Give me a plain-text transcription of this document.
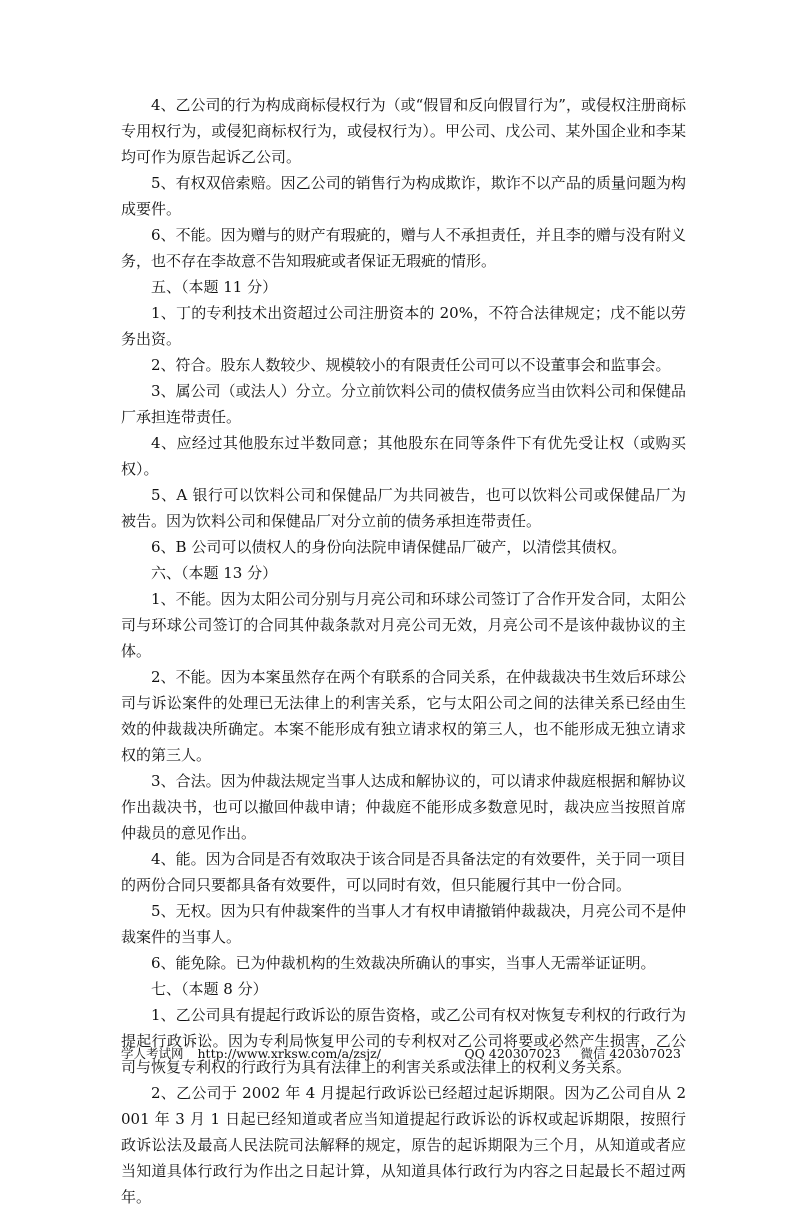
4、乙公司的行为构成商标侵权行为（或“假冒和反向假冒行为”，或侵权注册商标专用权行为，或侵犯商标权行为，或侵权行为）。甲公司、戊公司、某外国企业和李某均可作为原告起诉乙公司。

5、有权双倍索赔。因乙公司的销售行为构成欺诈，欺诈不以产品的质量问题为构成要件。

6、不能。因为赠与的财产有瑕疵的，赠与人不承担责任，并且李的赠与没有附义务，也不存在李故意不告知瑕疵或者保证无瑕疵的情形。

五、（本题 11 分）

1、丁的专利技术出资超过公司注册资本的 20%，不符合法律规定；戊不能以劳务出资。

2、符合。股东人数较少、规模较小的有限责任公司可以不设董事会和监事会。

3、属公司（或法人）分立。分立前饮料公司的债权债务应当由饮料公司和保健品厂承担连带责任。

4、应经过其他股东过半数同意；其他股东在同等条件下有优先受让权（或购买权）。

5、A 银行可以饮料公司和保健品厂为共同被告，也可以饮料公司或保健品厂为被告。因为饮料公司和保健品厂对分立前的债务承担连带责任。

6、B 公司可以债权人的身份向法院申请保健品厂破产，以清偿其债权。

六、（本题 13 分）

1、不能。因为太阳公司分别与月亮公司和环球公司签订了合作开发合同，太阳公司与环球公司签订的合同其仲裁条款对月亮公司无效，月亮公司不是该仲裁协议的主体。

2、不能。因为本案虽然存在两个有联系的合同关系，在仲裁裁决书生效后环球公司与诉讼案件的处理已无法律上的利害关系，它与太阳公司之间的法律关系已经由生效的仲裁裁决所确定。本案不能形成有独立请求权的第三人，也不能形成无独立请求权的第三人。

3、合法。因为仲裁法规定当事人达成和解协议的，可以请求仲裁庭根据和解协议作出裁决书，也可以撤回仲裁申请；仲裁庭不能形成多数意见时，裁决应当按照首席仲裁员的意见作出。

4、能。因为合同是否有效取决于该合同是否具备法定的有效要件，关于同一项目的两份合同只要都具备有效要件，可以同时有效，但只能履行其中一份合同。

5、无权。因为只有仲裁案件的当事人才有权申请撤销仲裁裁决，月亮公司不是仲裁案件的当事人。

6、能免除。已为仲裁机构的生效裁决所确认的事实，当事人无需举证证明。

七、（本题 8 分）

1、乙公司具有提起行政诉讼的原告资格，或乙公司有权对恢复专利权的行政行为提起行政诉讼。因为专利局恢复甲公司的专利权对乙公司将要或必然产生损害，乙公司与恢复专利权的行政行为具有法律上的利害关系或法律上的权利义务关系。

2、乙公司于 2002 年 4 月提起行政诉讼已经超过起诉期限。因为乙公司自从 2001 年 3 月 1 日起已经知道或者应当知道提起行政诉讼的诉权或起诉期限，按照行政诉讼法及最高人民法院司法解释的规定，原告的起诉期限为三个月，从知道或者应当知道具体行政行为作出之日起计算，从知道具体行政行为内容之日起最长不超过两年。

学人考试网 http://www.xrksw.com/a/zsjz/	QQ 420307023 微信 420307023
